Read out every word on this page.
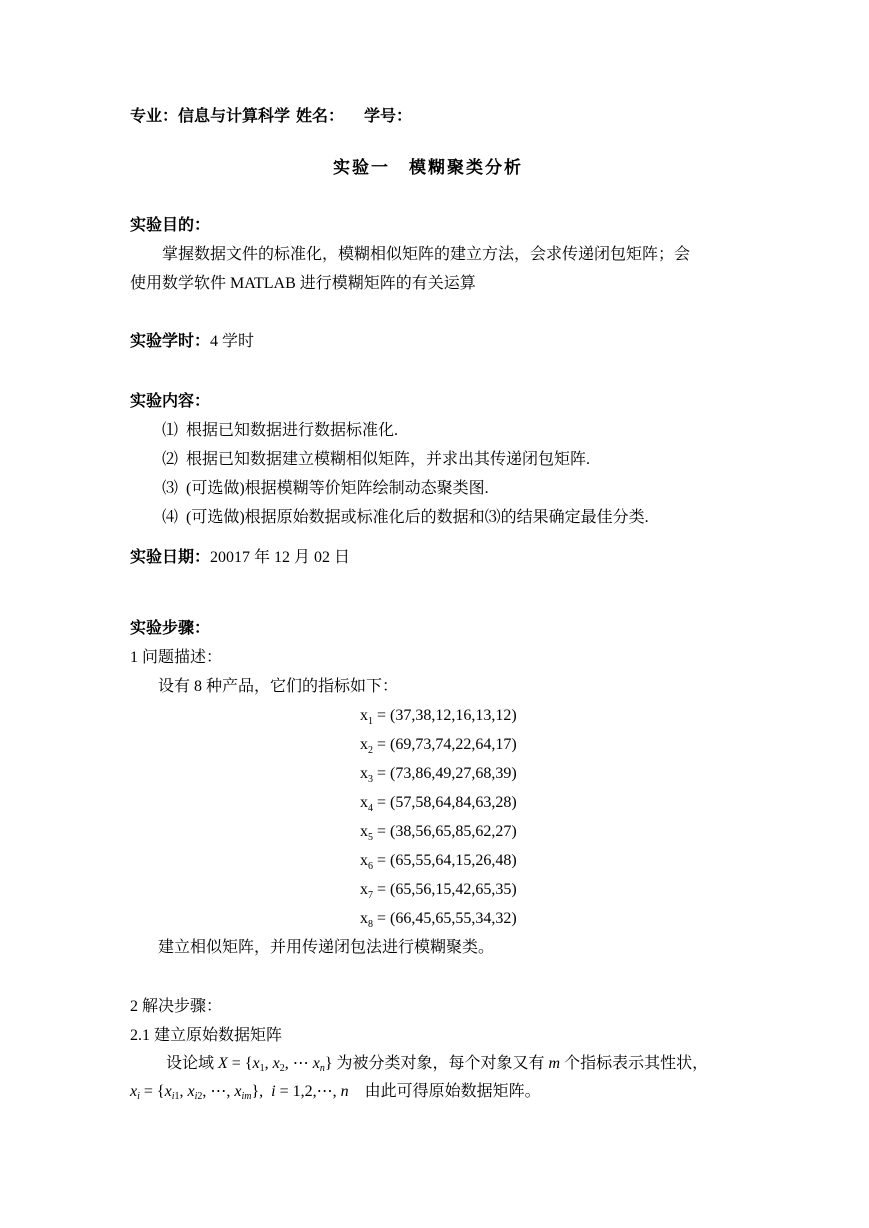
专业：信息与计算科学 姓名： 学号：
实验一　模糊聚类分析
实验目的：
掌握数据文件的标准化，模糊相似矩阵的建立方法，会求传递闭包矩阵；会
使用数学软件 MATLAB 进行模糊矩阵的有关运算
实验学时：4 学时
实验内容：
⑴ 根据已知数据进行数据标准化.
⑵ 根据已知数据建立模糊相似矩阵，并求出其传递闭包矩阵.
⑶ (可选做)根据模糊等价矩阵绘制动态聚类图.
⑷ (可选做)根据原始数据或标准化后的数据和⑶的结果确定最佳分类.
实验日期：20017 年 12 月 02 日
实验步骤：
1 问题描述：
设有 8 种产品，它们的指标如下：
$x_1 = (37,38,12,16,13,12)$
$x_2 = (69,73,74,22,64,17)$
$x_3 = (73,86,49,27,68,39)$
$x_4 = (57,58,64,84,63,28)$
$x_5 = (38,56,65,85,62,27)$
$x_6 = (65,55,64,15,26,48)$
$x_7 = (65,56,15,42,65,35)$
$x_8 = (66,45,65,55,34,32)$
建立相似矩阵，并用传递闭包法进行模糊聚类。
2 解决步骤：
2.1 建立原始数据矩阵
设论域 $X = \{x_1$, $x_2$, ⋯ $x_n$} 为被分类对象，每个对象又有 m 个指标表示其性状，
$x_i = \{x_{i1}$, $x_{i2}$, ⋯, $x_{im}$},  i = 1,2,⋯, n 由此可得原始数据矩阵。
